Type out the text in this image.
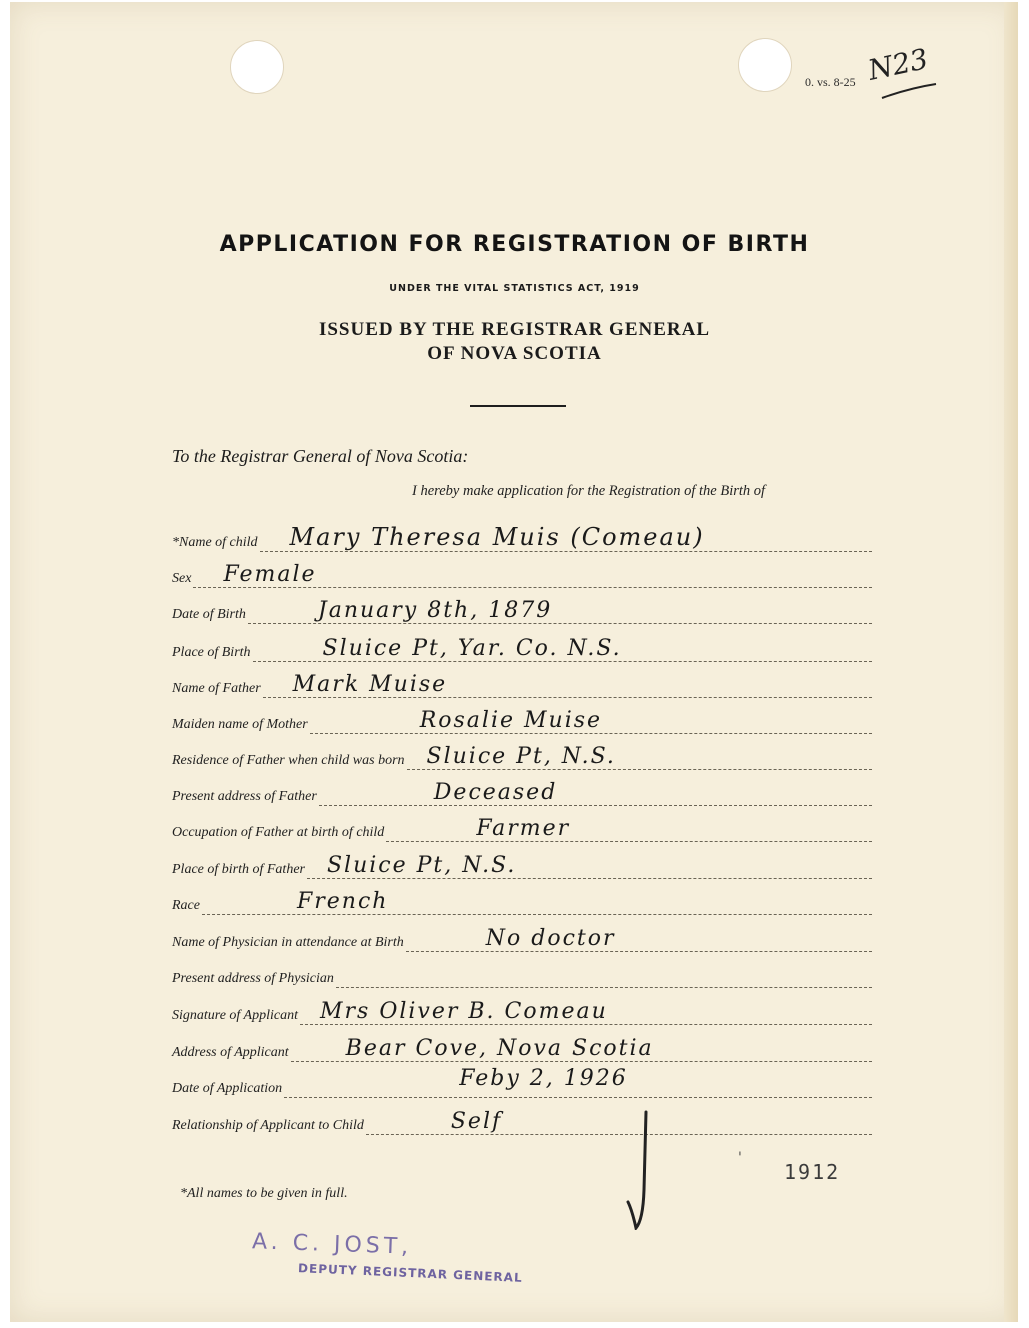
0. vs. 8-25 N23
APPLICATION FOR REGISTRATION OF BIRTH
UNDER THE VITAL STATISTICS ACT, 1919
ISSUED BY THE REGISTRAR GENERAL
OF NOVA SCOTIA
To the Registrar General of Nova Scotia:
I hereby make application for the Registration of the Birth of
*Name of child Mary Theresa Muis (Comeau)
Sex Female
Date of Birth	January 8th, 1879
Place of Birth	Sluice Pt, Yar. Co. N.S.
Name of Father Mark Muise
Maiden name of Mother	Rosalie Muise
Residence of Father when child was born Sluice Pt, N.S.
Present address of Father	Deceased
Occupation of Father at birth of child	Farmer
Place of birth of Father Sluice Pt, N.S.
Race	French
Name of Physician in attendance at Birth	No doctor
Present address of Physician
Signature of Applicant Mrs Oliver B. Comeau
Address of Applicant	Bear Cove, Nova Scotia
Date of Application	Feby 2, 1926
Relationship of Applicant to Child	Self
'
1912
*All names to be given in full.
A. C. JOST,
DEPUTY REGISTRAR GENERAL
